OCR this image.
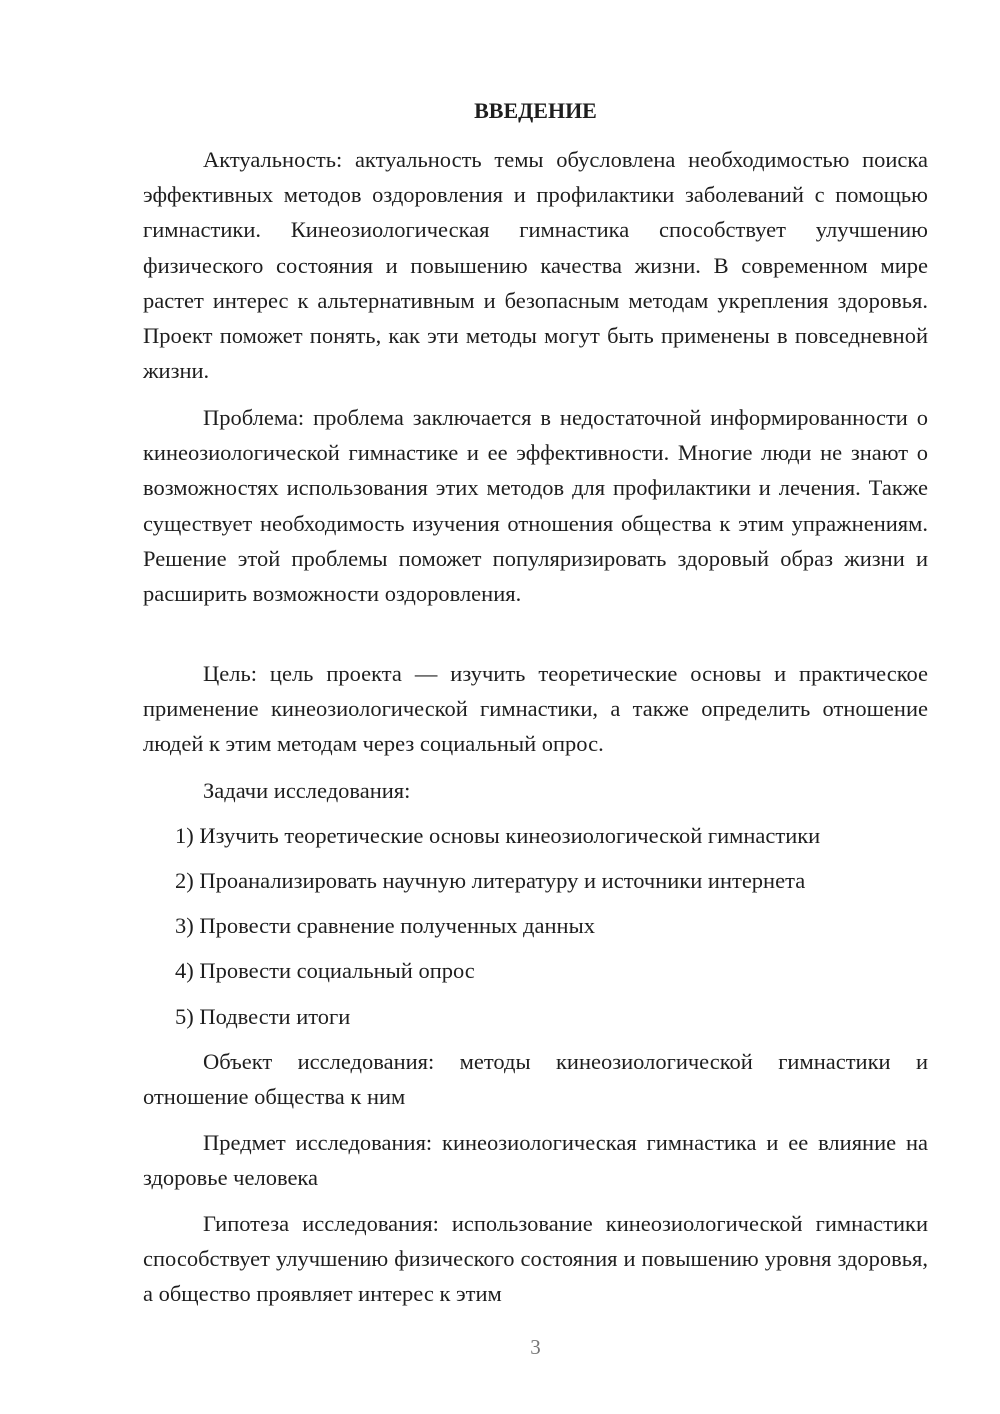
ВВЕДЕНИЕ

Актуальность: актуальность темы обусловлена необходимостью поиска эффективных методов оздоровления и профилактики заболеваний с помощью гимнастики. Кинеозиологическая гимнастика способствует улучшению физического состояния и повышению качества жизни. В современном мире растет интерес к альтернативным и безопасным методам укрепления здоровья. Проект поможет понять, как эти методы могут быть применены в повседневной жизни.

Проблема: проблема заключается в недостаточной информированности о кинеозиологической гимнастике и ее эффективности. Многие люди не знают о возможностях использования этих методов для профилактики и лечения. Также существует необходимость изучения отношения общества к этим упражнениям. Решение этой проблемы поможет популяризировать здоровый образ жизни и расширить возможности оздоровления.

Цель: цель проекта — изучить теоретические основы и практическое применение кинеозиологической гимнастики, а также определить отношение людей к этим методам через социальный опрос.

Задачи исследования:

1) Изучить теоретические основы кинеозиологической гимнастики

2) Проанализировать научную литературу и источники интернета

3) Провести сравнение полученных данных

4) Провести социальный опрос

5) Подвести итоги

Объект исследования: методы кинеозиологической гимнастики и отношение общества к ним

Предмет исследования: кинеозиологическая гимнастика и ее влияние на здоровье человека

Гипотеза исследования: использование кинеозиологической гимнастики способствует улучшению физического состояния и повышению уровня здоровья, а общество проявляет интерес к этим

3
